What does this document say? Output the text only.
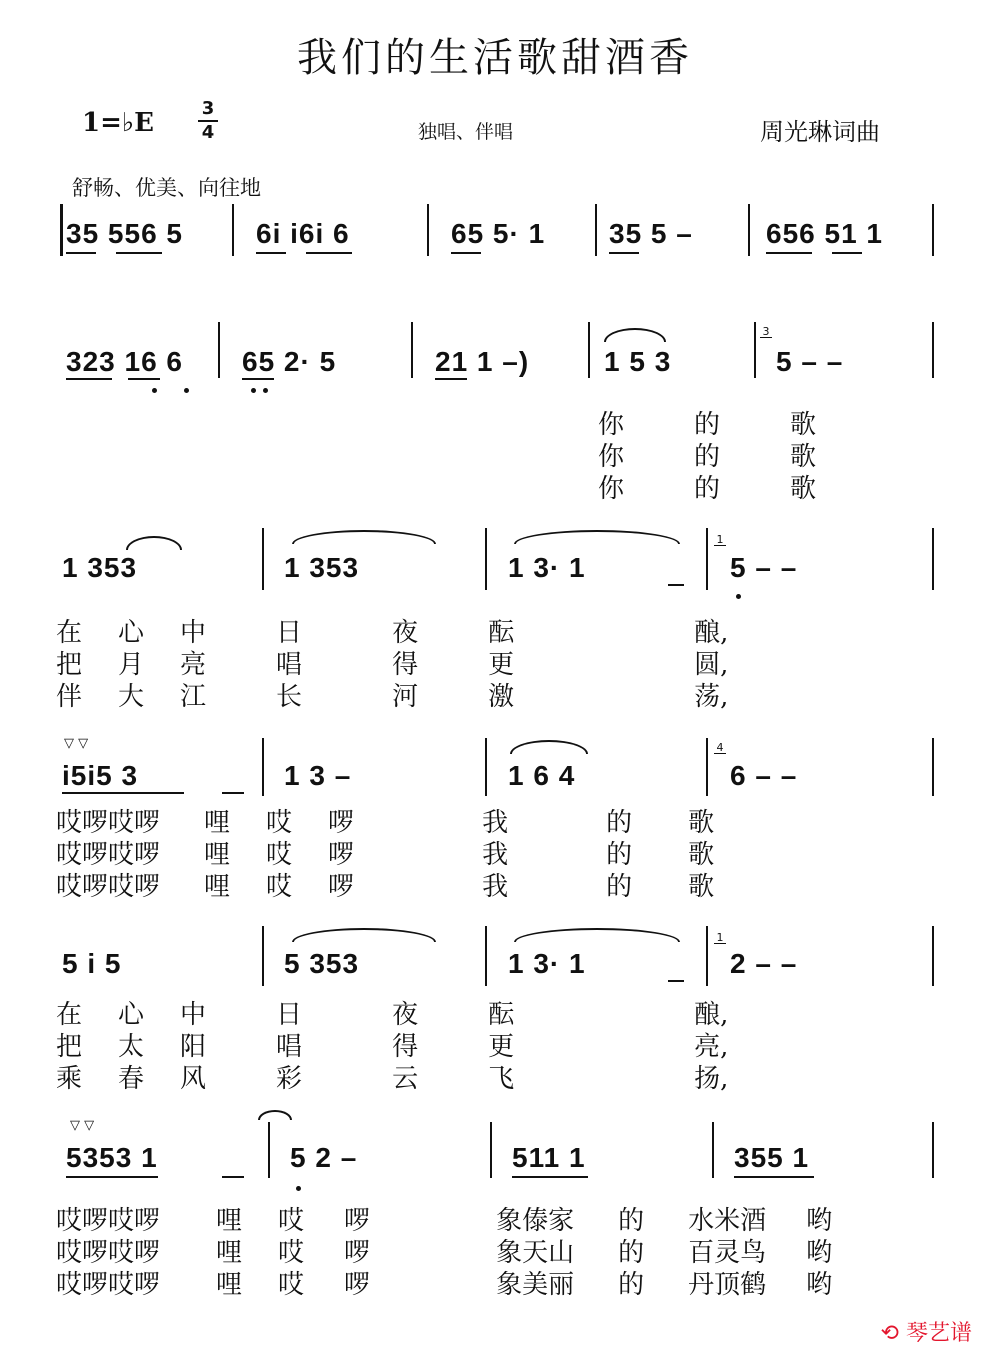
我们的生活歌甜酒香
1=♭E	3
4	独唱、伴唱	周光琳词曲
舒畅、优美、向往地
35 556 5	6i i6i 6	65 5· 1 35 5 –	656 51 1
323 16 6 65 2· 5	21 1 –)	1 5 3
3
5 – –
你	的	歌
你	的	歌
你	的	歌
1 353	1 353	1 3· 1
1
5 – –
在 心 中	日	夜	酝	酿,
把 月 亮	唱	得	更	圆,
伴 大 江	长	河	激	荡,
▽ ▽
i5i5 3	1 3 –	1 6 4
4
6 – –
哎啰哎啰 哩 哎 啰	我	的 歌
哎啰哎啰 哩 哎 啰	我	的 歌
哎啰哎啰 哩 哎 啰	我	的 歌
5 i 5	5 353	1 3· 1
1
2 – –
在 心 中	日	夜	酝	酿,
把 太 阳	唱	得	更	亮,
乘 春 风	彩	云	飞	扬,
▽ ▽
5353 1	5 2 –	511 1	355 1
哎啰哎啰 哩 哎 啰	象傣家 的 水米酒 哟
哎啰哎啰 哩 哎 啰	象天山 的 百灵鸟 哟
哎啰哎啰 哩 哎 啰	象美丽 的 丹顶鹤 哟
⟲ 琴艺谱
